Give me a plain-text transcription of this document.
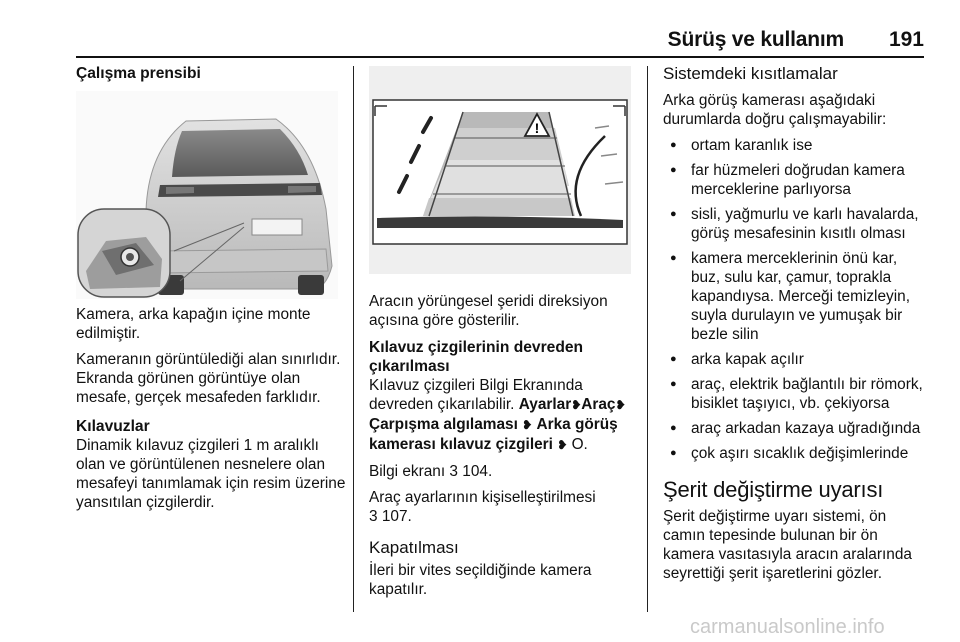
Sürüş ve kullanım 191
Çalışma prensibi

Kamera, arka kapağın içine monte edilmiştir.

Kameranın görüntülediği alan sınırlıdır. Ekranda görünen görüntüye olan mesafe, gerçek mesafeden farklıdır.

Kılavuzlar

Dinamik kılavuz çizgileri 1 m aralıklı olan ve görüntülenen nesnelere olan mesafeyi tanımlamak için resim üzerine yansıtılan çizgilerdir.

!

Aracın yörüngesel şeridi direksiyon açısına göre gösterilir.

Kılavuz çizgilerinin devreden çıkarılması

Kılavuz çizgileri Bilgi Ekranında devreden çıkarılabilir. Ayarlar❥Araç❥ Çarpışma algılaması ❥ Arka görüş kamerası kılavuz çizgileri ❥ O.

Bilgi ekranı 3 104.

Araç ayarlarının kişiselleştirilmesi
3 107.

Kapatılması

İleri bir vites seçildiğinde kamera kapatılır.

Sistemdeki kısıtlamalar

Arka görüş kamerası aşağıdaki durumlarda doğru çalışmayabilir:

● ortam karanlık ise
● far hüzmeleri doğrudan kamera merceklerine parlıyorsa
● sisli, yağmurlu ve karlı havalarda, görüş mesafesinin kısıtlı olması
● kamera merceklerinin önü kar, buz, sulu kar, çamur, toprakla kapandıysa. Merceği temizleyin, suyla durulayın ve yumuşak bir bezle silin
● arka kapak açılır
● araç, elektrik bağlantılı bir römork, bisiklet taşıyıcı, vb. çekiyorsa
● araç arkadan kazaya uğradığında
● çok aşırı sıcaklık değişimlerinde
Şerit değiştirme uyarısı

Şerit değiştirme uyarı sistemi, ön camın tepesinde bulunan bir ön kamera vasıtasıyla aracın aralarında seyrettiği şerit işaretlerini gözler.

carmanualsonline.info
